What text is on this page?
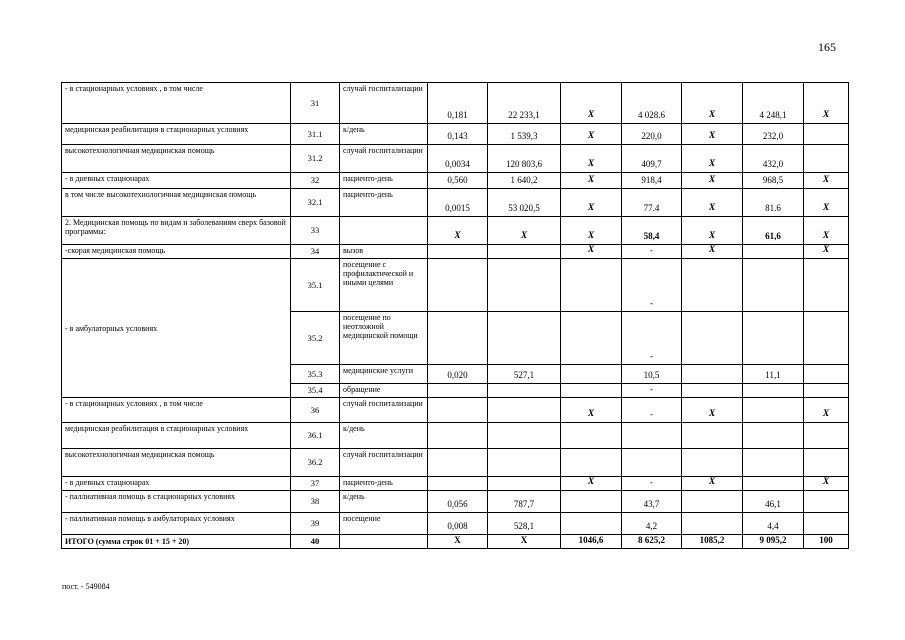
165
- в стационарных условиях , в том числе	31	случай госпитализации	0,181	22 233,1	X	4 028.6	X	4 248,1	X
медицинская реабилитация в стационарных условиях	31.1	к/день	0,143	1 539,3	X	220,0	X	232,0	
высокотехнологичная медицинская помощь	31.2	случай госпитализации	0,0034	120 803,6	X	409,7	X	432,0	
- в дневных стационарах	32	пациенто-день	0,560	1 640,2	X	918,4	X	968,5	X
в том числе высокотехнологичная медицинская помощь	32.1	пациенто-день	0,0015	53 020,5	X	77.4	X	81.6	X
2. Медицинская помощь по видам и заболеваниям сверх базовой программы:	33		X	X	X	58,4	X	61,6	X
-скорая медицинская помощь	34	вызов			X	-	X		X
- в амбулаторных условиях	35.1	посещение с профилактической и иными целями				-			
	35.2	посещение по неотложной медицинской помощи				-			
	35.3	медицинские услуги	0,020	527,1		10,5		11,1	
	35.4	обращение				-			
- в стационарных условиях , в том числе	36	случай госпитализации			X	-	X		X
медицинская реабилитация в стационарных условиях	36.1	к/день							
высокотехнологичная медицинская помощь	36.2	случай госпитализации							
- в дневных стационарах	37	пациенто-день			X	-	X		X
- паллиативная помощь в стационарных условиях	38	к/день	0,056	787,7		43,7		46,1	
- паллиативная помощь в амбулаторных условиях	39	посещение	0,008	528,1		4,2		4,4	
ИТОГО (сумма строк 01 + 15 + 20)	40		X	X	1046,6	8 625,2	1085,2	9 095,2	100
пост. - 549084
